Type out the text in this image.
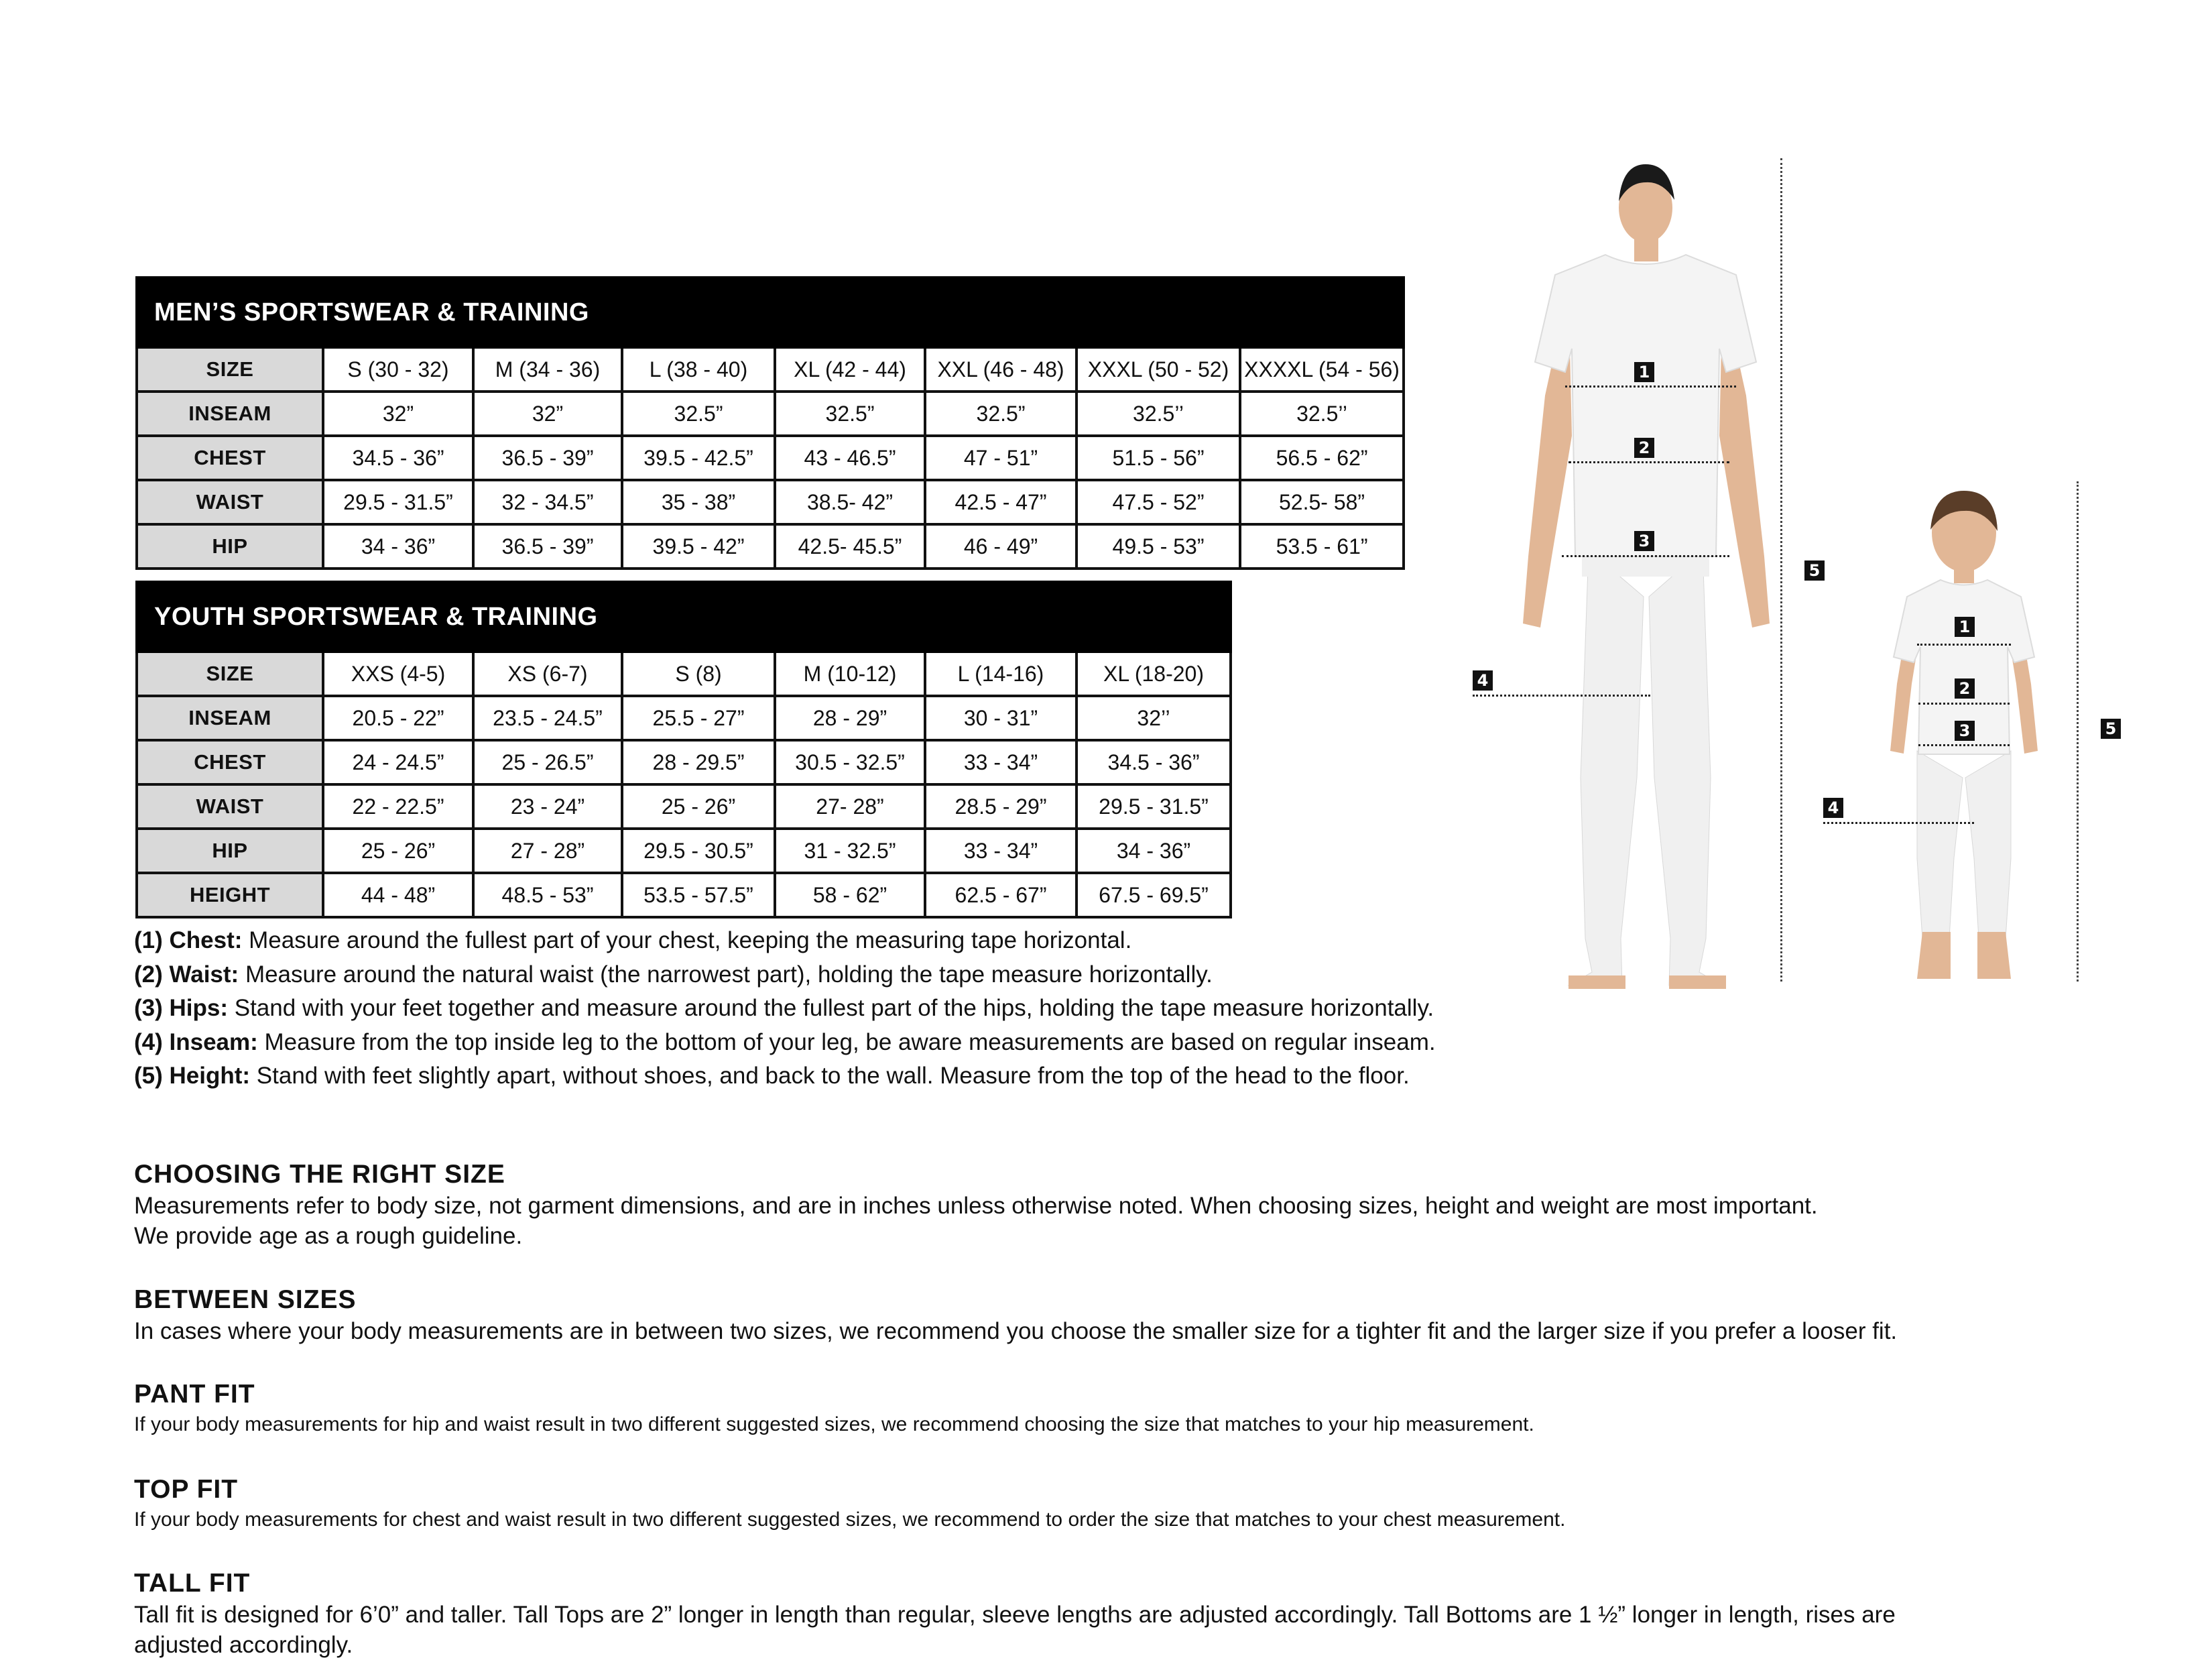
MEN’S SPORTSWEAR & TRAINING							
SIZE	S (30 - 32)	M (34 - 36)	L (38 - 40)	XL (42 - 44)	XXL (46 - 48)	XXXL (50 - 52)	XXXXL (54 - 56)
INSEAM	32”	32”	32.5”	32.5”	32.5”	32.5’’	32.5’’
CHEST	34.5 - 36”	36.5 - 39”	39.5 - 42.5”	43 - 46.5”	47 - 51”	51.5 - 56”	56.5 - 62”
WAIST	29.5 - 31.5”	32 - 34.5”	35 - 38”	38.5- 42”	42.5 - 47”	47.5 - 52”	52.5- 58”
HIP	34 - 36”	36.5 - 39”	39.5 - 42”	42.5- 45.5”	46 - 49”	49.5 - 53”	53.5 - 61”
YOUTH SPORTSWEAR & TRAINING						
SIZE	XXS (4-5)	XS (6-7)	S (8)	M (10-12)	L (14-16)	XL (18-20)
INSEAM	20.5 - 22”	23.5 - 24.5”	25.5 - 27”	28 - 29”	30 - 31”	32’’
CHEST	24 - 24.5”	25 - 26.5”	28 - 29.5”	30.5 - 32.5”	33 - 34”	34.5 - 36”
WAIST	22 - 22.5”	23 - 24”	25 - 26”	27- 28”	28.5 - 29”	29.5 - 31.5”
HIP	25 - 26”	27 - 28”	29.5 - 30.5”	31 - 32.5”	33 - 34”	34 - 36”
HEIGHT	44 - 48”	48.5 - 53”	53.5 - 57.5”	58 - 62”	62.5 - 67”	67.5 - 69.5”
(1) Chest: Measure around the fullest part of your chest, keeping the measuring tape horizontal.
(2) Waist: Measure around the natural waist (the narrowest part), holding the tape measure horizontally.
(3) Hips: Stand with your feet together and measure around the fullest part of the hips, holding the tape measure horizontally.
(4) Inseam: Measure from the top inside leg to the bottom of your leg, be aware measurements are based on regular inseam.
(5) Height: Stand with feet slightly apart, without shoes, and back to the wall. Measure from the top of the head to the floor.
CHOOSING THE RIGHT SIZE

Measurements refer to body size, not garment dimensions, and are in inches unless otherwise noted. When choosing sizes, height and weight are most important.

We provide age as a rough guideline.

BETWEEN SIZES

In cases where your body measurements are in between two sizes, we recommend you choose the smaller size for a tighter fit and the larger size if you prefer a looser fit.

PANT FIT

If your body measurements for hip and waist result in two different suggested sizes, we recommend choosing the size that matches to your hip measurement.

TOP FIT

If your body measurements for chest and waist result in two different suggested sizes, we recommend to order the size that matches to your chest measurement.

TALL FIT

Tall fit is designed for 6’0” and taller. Tall Tops are 2” longer in length than regular, sleeve lengths are adjusted accordingly. Tall Bottoms are 1 ½” longer in length, rises are

adjusted accordingly.

1
2
3
4
5
1
2
3
4
5
